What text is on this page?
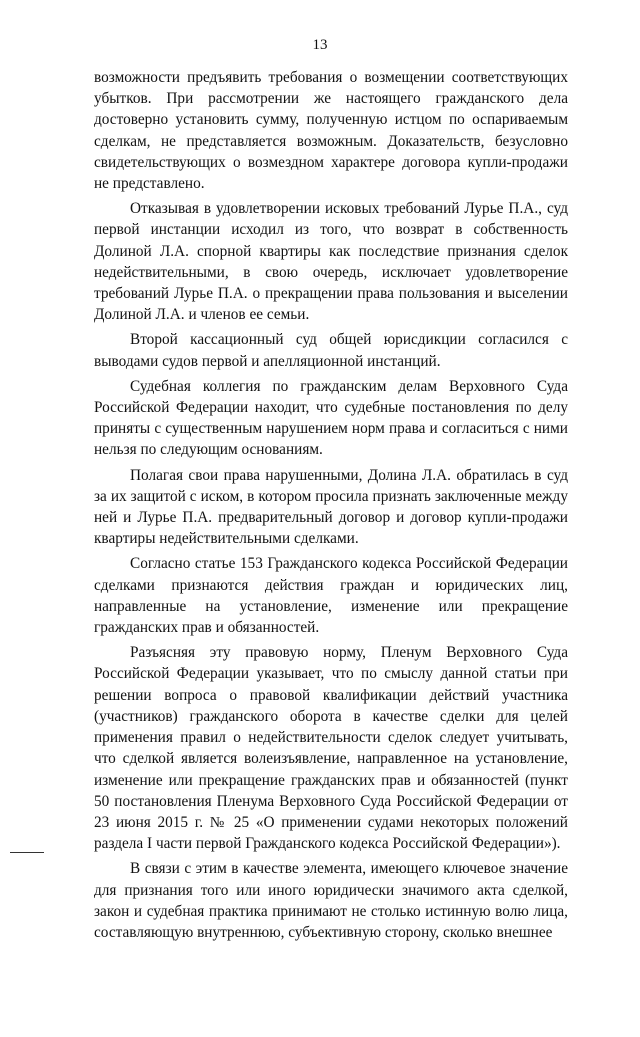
13

возможности предъявить требования о возмещении соответствующих убытков. При рассмотрении же настоящего гражданского дела достоверно установить сумму, полученную истцом по оспариваемым сделкам, не представляется возможным. Доказательств, безусловно свидетельствующих о возмездном характере договора купли-продажи не представлено.

Отказывая в удовлетворении исковых требований Лурье П.А., суд первой инстанции исходил из того, что возврат в собственность Долиной Л.А. спорной квартиры как последствие признания сделок недействительными, в свою очередь, исключает удовлетворение требований Лурье П.А. о прекращении права пользования и выселении Долиной Л.А. и членов ее семьи.

Второй кассационный суд общей юрисдикции согласился с выводами судов первой и апелляционной инстанций.

Судебная коллегия по гражданским делам Верховного Суда Российской Федерации находит, что судебные постановления по делу приняты с существенным нарушением норм права и согласиться с ними нельзя по следующим основаниям.

Полагая свои права нарушенными, Долина Л.А. обратилась в суд за их защитой с иском, в котором просила признать заключенные между ней и Лурье П.А. предварительный договор и договор купли-продажи квартиры недействительными сделками.

Согласно статье 153 Гражданского кодекса Российской Федерации сделками признаются действия граждан и юридических лиц, направленные на установление, изменение или прекращение гражданских прав и обязанностей.

Разъясняя эту правовую норму, Пленум Верховного Суда Российской Федерации указывает, что по смыслу данной статьи при решении вопроса о правовой квалификации действий участника (участников) гражданского оборота в качестве сделки для целей применения правил о недействительности сделок следует учитывать, что сделкой является волеизъявление, направленное на установление, изменение или прекращение гражданских прав и обязанностей (пункт 50 постановления Пленума Верховного Суда Российской Федерации от 23 июня 2015 г. № 25 «О применении судами некоторых положений раздела I части первой Гражданского кодекса Российской Федерации»).

В связи с этим в качестве элемента, имеющего ключевое значение для признания того или иного юридически значимого акта сделкой, закон и судебная практика принимают не столько истинную волю лица, составляющую внутреннюю, субъективную сторону, сколько внешнее
